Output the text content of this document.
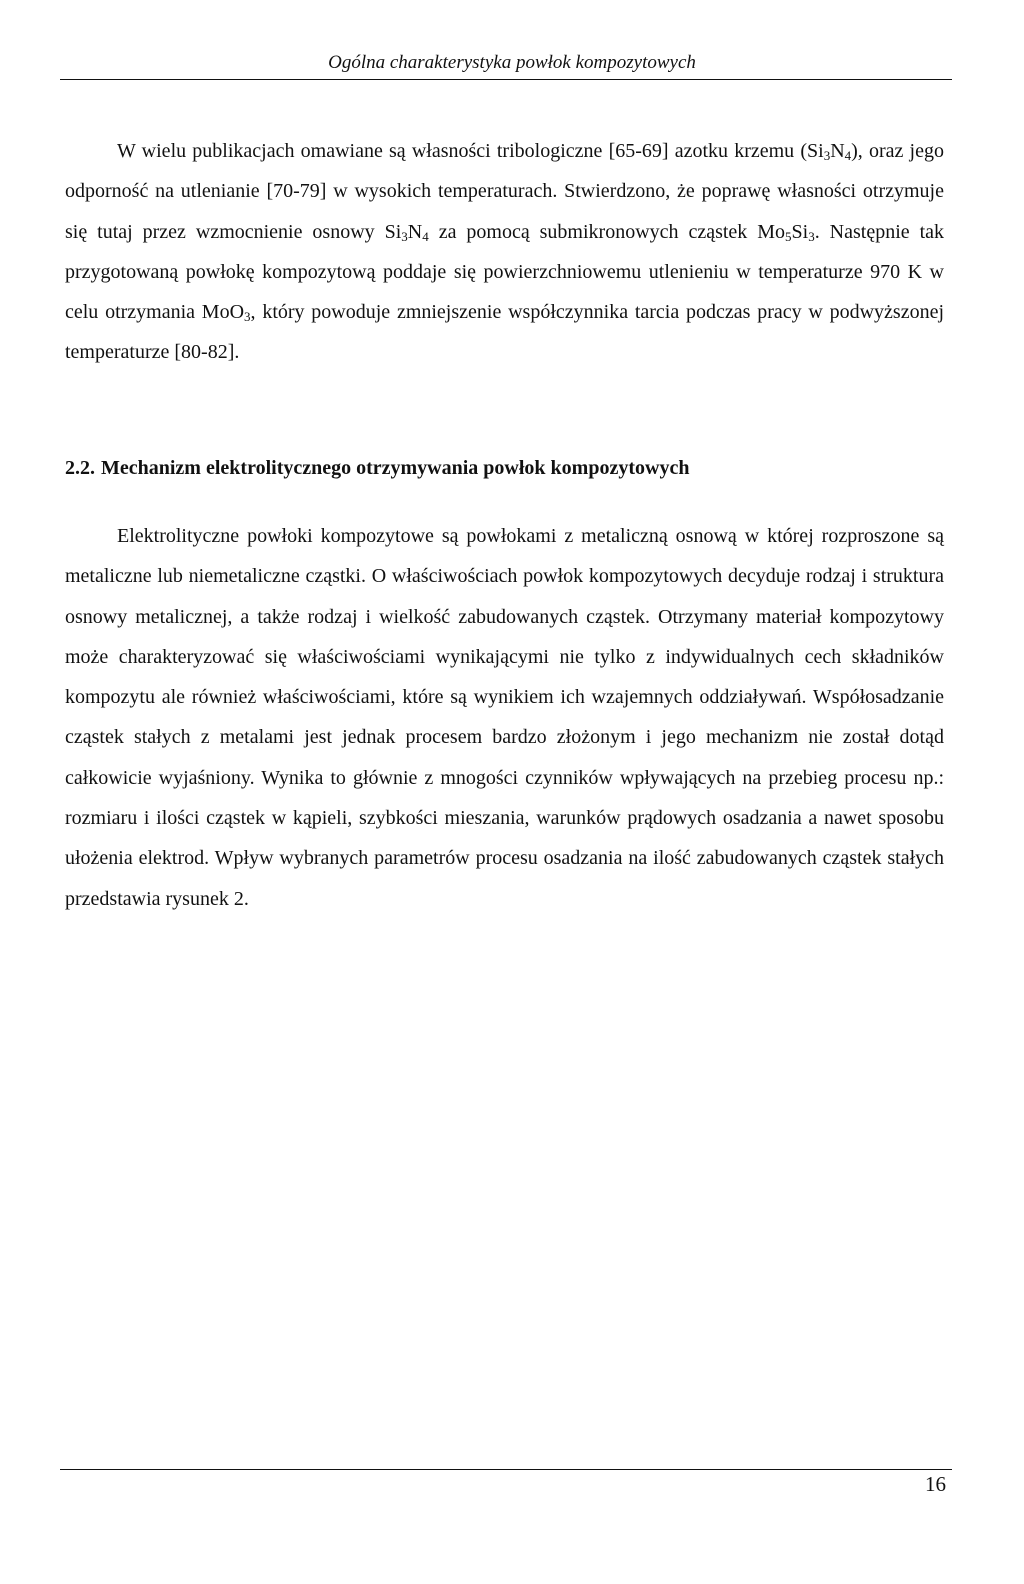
Ogólna charakterystyka powłok kompozytowych

W wielu publikacjach omawiane są własności tribologiczne [65-69] azotku krzemu $(Si_3N_4)$, oraz jego odporność na utlenianie [70-79] w wysokich temperaturach. Stwierdzono, że poprawę własności otrzymuje się tutaj przez wzmocnienie osnowy $Si_3N_4$ za pomocą submikronowych cząstek $Mo_5Si_3$. Następnie tak przygotowaną powłokę kompozytową poddaje się powierzchniowemu utlenieniu w temperaturze 970 K w celu otrzymania MoO$_3$, który powoduje zmniejszenie współczynnika tarcia podczas pracy w podwyższonej temperaturze [80-82].

2.2. Mechanizm elektrolitycznego otrzymywania powłok kompozytowych

Elektrolityczne powłoki kompozytowe są powłokami z metaliczną osnową w której rozproszone są metaliczne lub niemetaliczne cząstki. O właściwościach powłok kompozytowych decyduje rodzaj i struktura osnowy metalicznej, a także rodzaj i wielkość zabudowanych cząstek. Otrzymany materiał kompozytowy może charakteryzować się właściwościami wynikającymi nie tylko z indywidualnych cech składników kompozytu ale również właściwościami, które są wynikiem ich wzajemnych oddziaływań. Współosadzanie cząstek stałych z metalami jest jednak procesem bardzo złożonym i jego mechanizm nie został dotąd całkowicie wyjaśniony. Wynika to głównie z mnogości czynników wpływających na przebieg procesu np.: rozmiaru i ilości cząstek w kąpieli, szybkości mieszania, warunków prądowych osadzania a nawet sposobu ułożenia elektrod. Wpływ wybranych parametrów procesu osadzania na ilość zabudowanych cząstek stałych przedstawia rysunek 2.

16
